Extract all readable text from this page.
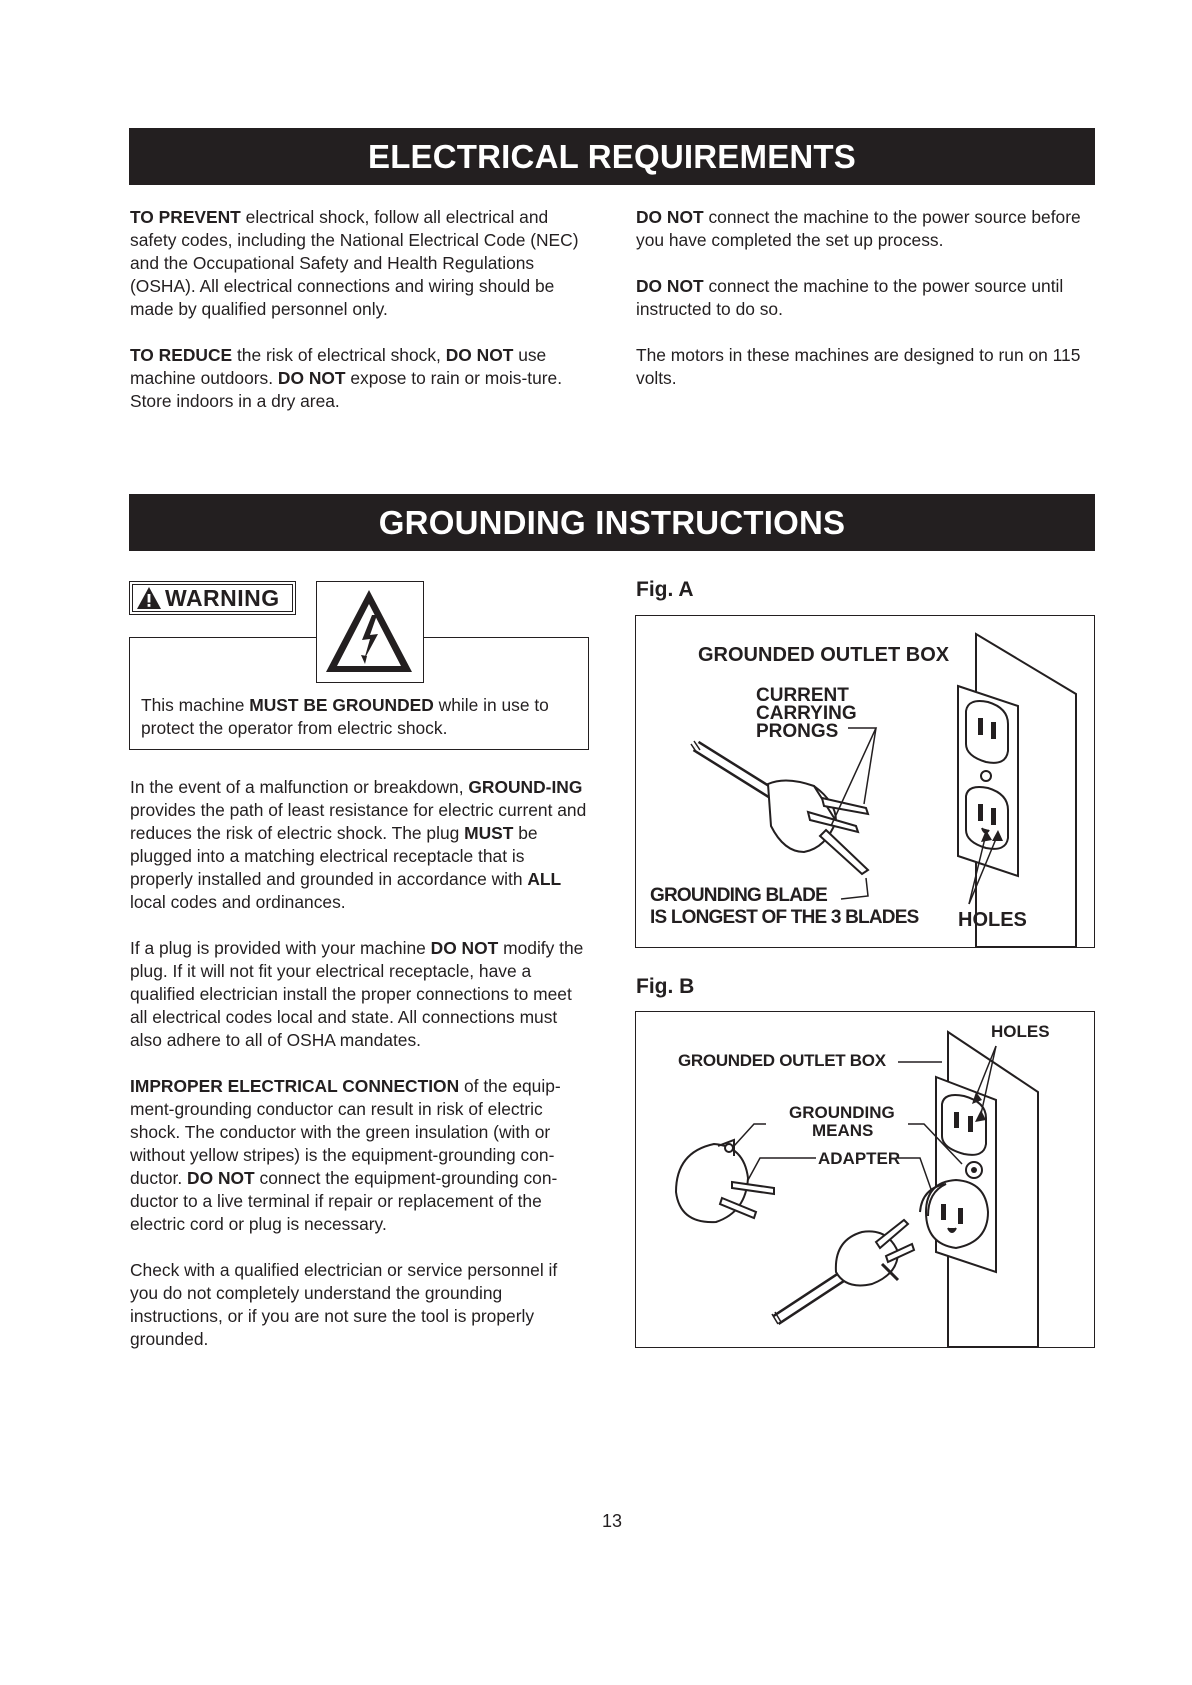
ELECTRICAL REQUIREMENTS

TO PREVENT electrical shock, follow all electrical and safety codes, including the National Electrical Code (NEC) and the Occupational Safety and Health Regulations (OSHA). All electrical connections and wiring should be made by qualified personnel only.

TO REDUCE the risk of electrical shock, DO NOT use machine outdoors. DO NOT expose to rain or mois-ture. Store indoors in a dry area.

DO NOT connect the machine to the power source before you have completed the set up process.

DO NOT connect the machine to the power source until instructed to do so.

The motors in these machines are designed to run on 115 volts.

GROUNDING INSTRUCTIONS
WARNING
This machine MUST BE GROUNDED while in use to protect the operator from electric shock.

In the event of a malfunction or breakdown, GROUND-ING provides the path of least resistance for electric current and reduces the risk of electric shock. The plug MUST be plugged into a matching electrical receptacle that is properly installed and grounded in accordance with ALL local codes and ordinances.

If a plug is provided with your machine DO NOT modify the plug. If it will not fit your electrical receptacle, have a qualified electrician install the proper connections to meet all electrical codes local and state. All connections must also adhere to all of OSHA mandates.

IMPROPER ELECTRICAL CONNECTION of the equip-ment-grounding conductor can result in risk of electric shock. The conductor with the green insulation (with or without yellow stripes) is the equipment-grounding con-ductor. DO NOT connect the equipment-grounding con-ductor to a live terminal if repair or replacement of the electric cord or plug is necessary.

Check with a qualified electrician or service personnel if you do not completely understand the grounding instructions, or if you are not sure the tool is properly grounded.

Fig. A
GROUNDED OUTLET BOX
CURRENT
CARRYING
PRONGS
GROUNDING BLADE
IS LONGEST OF THE 3 BLADES HOLES
Fig. B
HOLES
GROUNDED OUTLET BOX
GROUNDING
MEANS
ADAPTER
13
